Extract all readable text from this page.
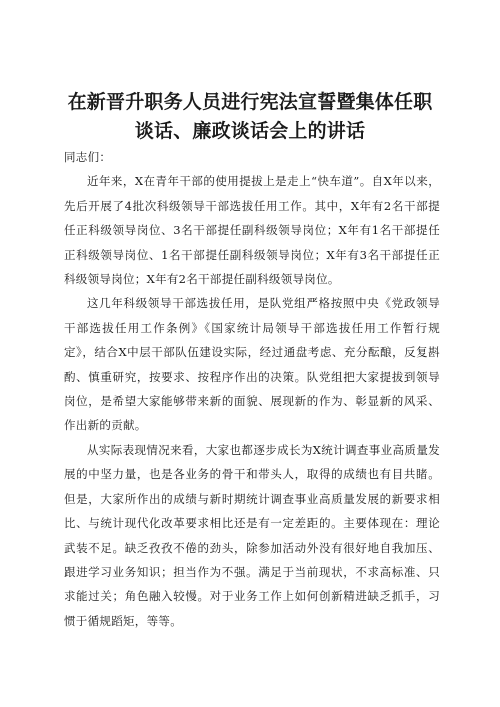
在新晋升职务人员进行宪法宣誓暨集体任职谈话、廉政谈话会上的讲话

同志们：

近年来，X在青年干部的使用提拔上是走上“快车道”。自X年以来，先后开展了4批次科级领导干部选拔任用工作。其中，X年有2名干部提任正科级领导岗位、3名干部提任副科级领导岗位；X年有1名干部提任正科级领导岗位、1名干部提任副科级领导岗位；X年有3名干部提任正科级领导岗位；X年有2名干部提任副科级领导岗位。

这几年科级领导干部选拔任用，是队党组严格按照中央《党政领导干部选拔任用工作条例》《国家统计局领导干部选拔任用工作暂行规定》，结合X中层干部队伍建设实际，经过通盘考虑、充分酝酿，反复斟酌、慎重研究，按要求、按程序作出的决策。队党组把大家提拔到领导岗位，是希望大家能够带来新的面貌、展现新的作为、彰显新的风采、作出新的贡献。

从实际表现情况来看，大家也都逐步成长为X统计调查事业高质量发展的中坚力量，也是各业务的骨干和带头人，取得的成绩也有目共睹。但是，大家所作出的成绩与新时期统计调查事业高质量发展的新要求相比、与统计现代化改革要求相比还是有一定差距的。主要体现在：理论武装不足。缺乏孜孜不倦的劲头，除参加活动外没有很好地自我加压、跟进学习业务知识；担当作为不强。满足于当前现状，不求高标准、只求能过关；角色融入较慢。对于业务工作上如何创新精进缺乏抓手，习惯于循规蹈矩，等等。
